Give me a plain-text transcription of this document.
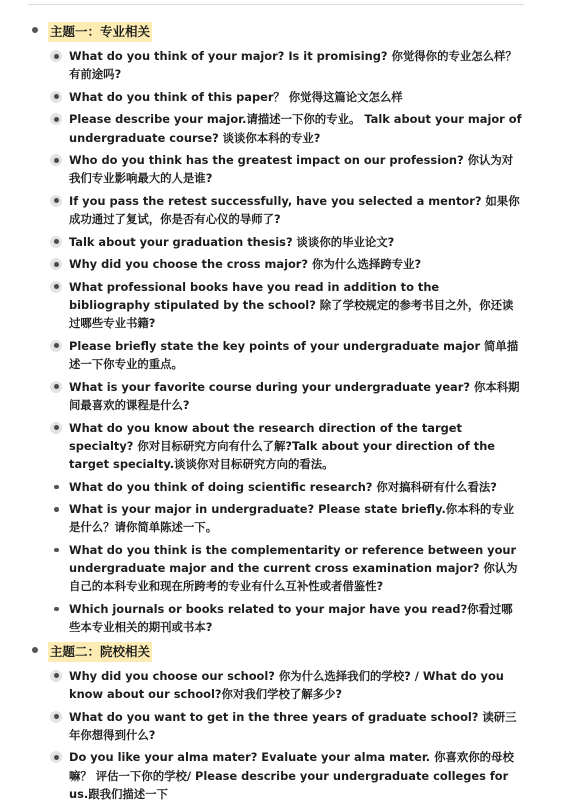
主题一：专业相关
What do you think of your major? Is it promising? 你觉得你的专业怎么样？ 有前途吗?
What do you think of this paper？ 你觉得这篇论文怎么样
Please describe your major.请描述一下你的专业。 Talk about your major of undergraduate course? 谈谈你本科的专业?
Who do you think has the greatest impact on our profession? 你认为对我们专业影响最大的人是谁?
If you pass the retest successfully, have you selected a mentor? 如果你成功通过了复试，你是否有心仪的导师了?
Talk about your graduation thesis? 谈谈你的毕业论文?
Why did you choose the cross major? 你为什么选择跨专业?
What professional books have you read in addition to the bibliography stipulated by the school? 除了学校规定的参考书目之外，你还读过哪些专业书籍?
Please briefly state the key points of your undergraduate major 简单描述一下你专业的重点。
What is your favorite course during your undergraduate year? 你本科期间最喜欢的课程是什么?
What do you know about the research direction of the target specialty? 你对目标研究方向有什么了解?Talk about your direction of the target specialty.谈谈你对目标研究方向的看法。
What do you think of doing scientific research? 你对搞科研有什么看法?
What is your major in undergraduate? Please state briefly.你本科的专业是什么？请你简单陈述一下。
What do you think is the complementarity or reference between your undergraduate major and the current cross examination major? 你认为自己的本科专业和现在所跨考的专业有什么互补性或者借鉴性?
Which journals or books related to your major have you read?你看过哪些本专业相关的期刊或书本?
主题二：院校相关
Why did you choose our school? 你为什么选择我们的学校? / What do you know about our school?你对我们学校了解多少?
What do you want to get in the three years of graduate school? 读研三年你想得到什么?
Do you like your alma mater? Evaluate your alma mater. 你喜欢你的母校嘛？ 评估一下你的学校/ Please describe your undergraduate colleges for us.跟我们描述一下
